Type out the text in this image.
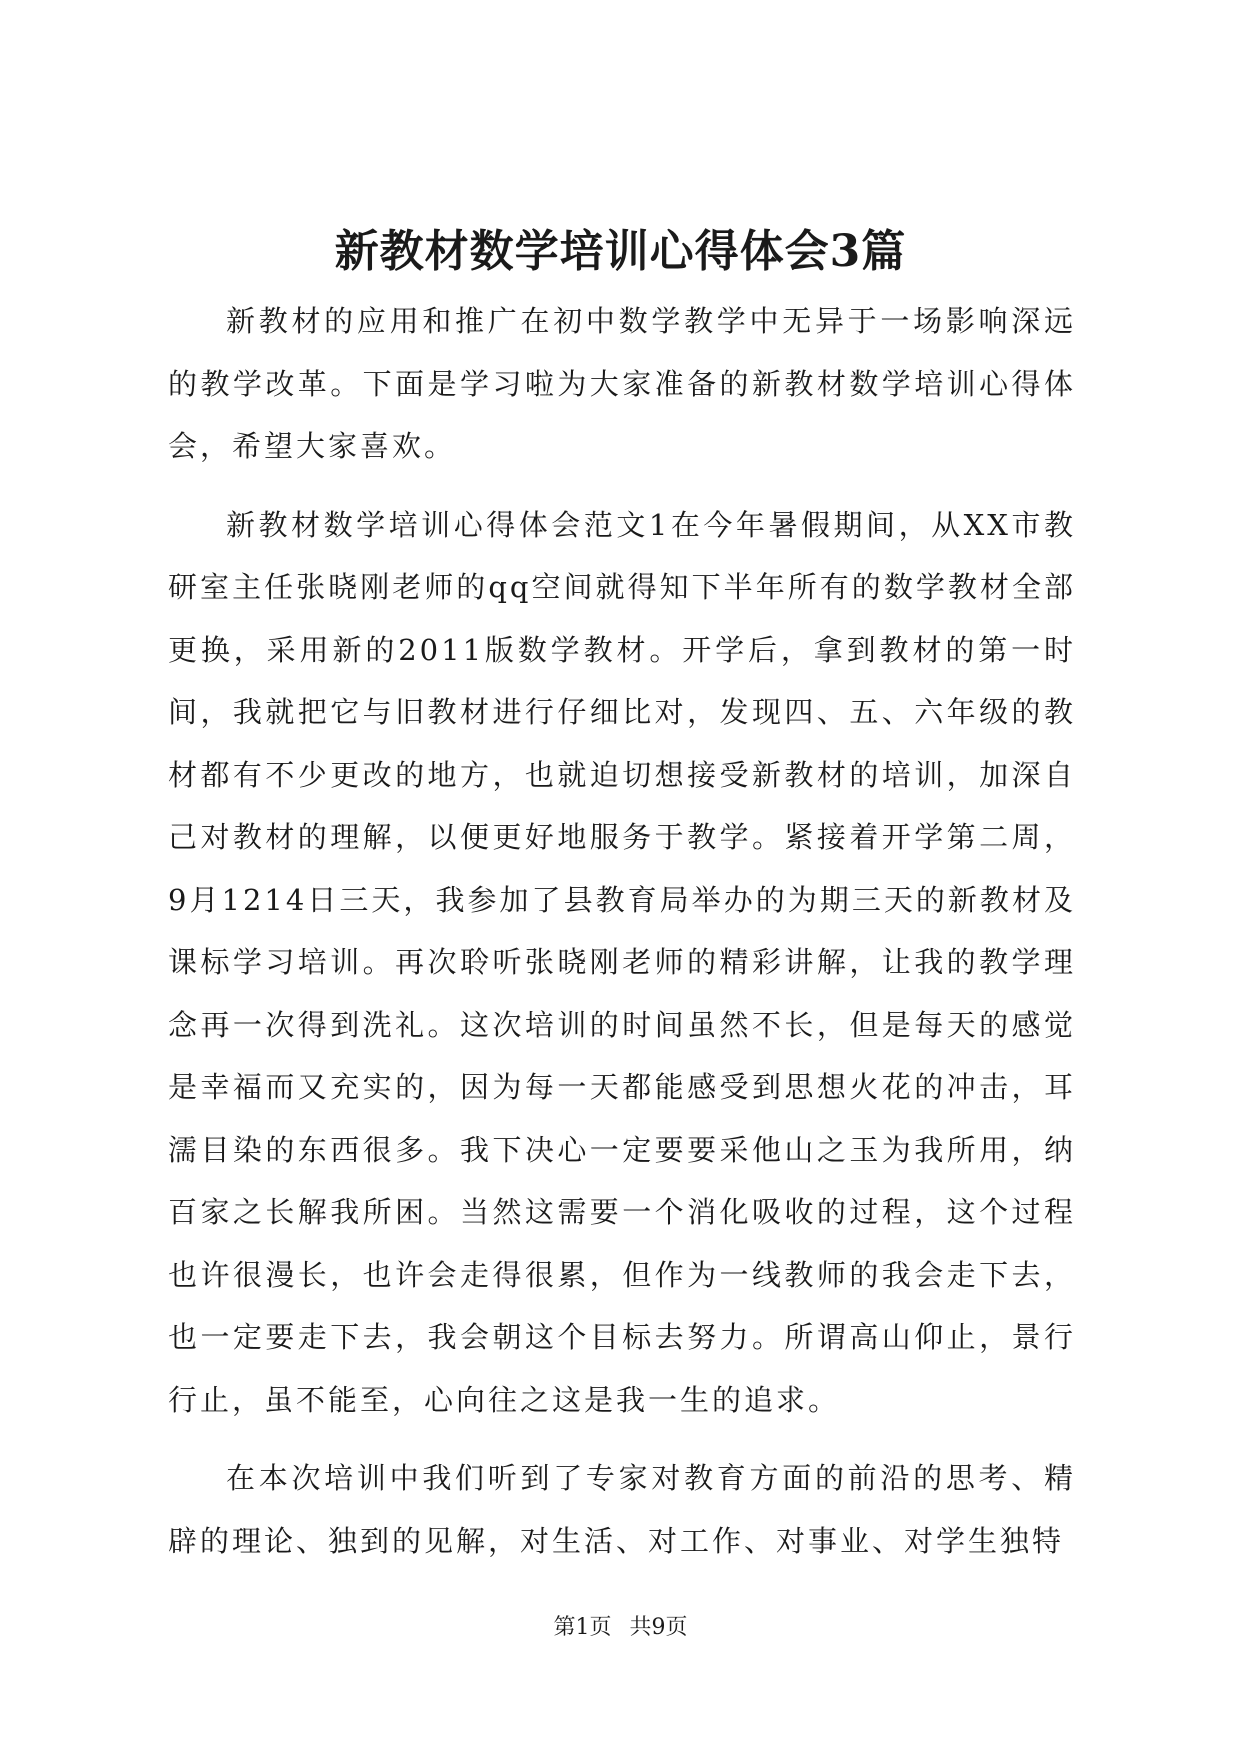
新教材数学培训心得体会3篇

新教材的应用和推广在初中数学教学中无异于一场影响深远的教学改革。下面是学习啦为大家准备的新教材数学培训心得体会，希望大家喜欢。

新教材数学培训心得体会范文1在今年暑假期间，从XX市教研室主任张晓刚老师的qq空间就得知下半年所有的数学教材全部更换，采用新的2011版数学教材。开学后，拿到教材的第一时间，我就把它与旧教材进行仔细比对，发现四、五、六年级的教材都有不少更改的地方，也就迫切想接受新教材的培训，加深自己对教材的理解，以便更好地服务于教学。紧接着开学第二周，9月1214日三天，我参加了县教育局举办的为期三天的新教材及课标学习培训。再次聆听张晓刚老师的精彩讲解，让我的教学理念再一次得到洗礼。这次培训的时间虽然不长，但是每天的感觉是幸福而又充实的，因为每一天都能感受到思想火花的冲击，耳濡目染的东西很多。我下决心一定要要采他山之玉为我所用，纳百家之长解我所困。当然这需要一个消化吸收的过程，这个过程也许很漫长，也许会走得很累，但作为一线教师的我会走下去，也一定要走下去，我会朝这个目标去努力。所谓高山仰止，景行行止，虽不能至，心向往之这是我一生的追求。

在本次培训中我们听到了专家对教育方面的前沿的思考、精辟的理论、独到的见解，对生活、对工作、对事业、对学生独特

第1页 共9页
